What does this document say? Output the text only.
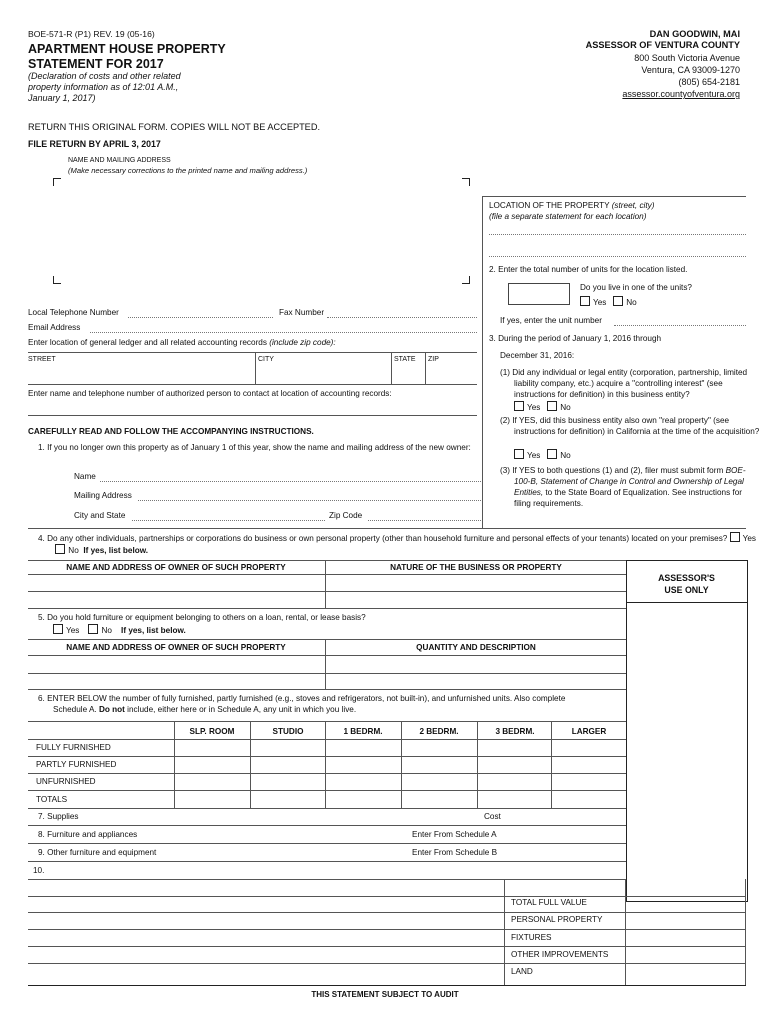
BOE-571-R (P1) REV. 19 (05-16)
APARTMENT HOUSE PROPERTY
STATEMENT FOR 2017
(Declaration of costs and other related
property information as of 12:01 A.M.,
January 1, 2017)
DAN GOODWIN, MAI
ASSESSOR OF VENTURA COUNTY
800 South Victoria Avenue
Ventura, CA 93009-1270
(805) 654-2181
assessor.countyofventura.org
RETURN THIS ORIGINAL FORM. COPIES WILL NOT BE ACCEPTED.
FILE RETURN BY APRIL 3, 2017
NAME AND MAILING ADDRESS
(Make necessary corrections to the printed name and mailing address.)
LOCATION OF THE PROPERTY (street, city)
(file a separate statement for each location)
2. Enter the total number of units for the location listed.
Do you live in one of the units?
Yes No
If yes, enter the unit number
3. During the period of January 1, 2016 through
December 31, 2016:
(1) Did any individual or legal entity (corporation, partnership, limited liability company, etc.) acquire a "controlling interest" (see instructions for definition) in this business entity?
Yes No
(2) If YES, did this business entity also own "real property" (see instructions for definition) in California at the time of the acquisition?
Yes No
(3) If YES to both questions (1) and (2), filer must submit form BOE-100-B, Statement of Change in Control and Ownership of Legal Entities, to the State Board of Equalization. See instructions for filing requirements.
Local Telephone Number	Fax Number
Email Address
Enter location of general ledger and all related accounting records (include zip code):
STREET	CITY	STATE ZIP
Enter name and telephone number of authorized person to contact at location of accounting records:
CAREFULLY READ AND FOLLOW THE ACCOMPANYING INSTRUCTIONS.
1. If you no longer own this property as of January 1 of this year, show the name and mailing address of the new owner:
Name
Mailing Address
City and State	Zip Code
4. Do any other individuals, partnerships or corporations do business or own personal property (other than household furniture and personal effects of your tenants) located on your premises? Yes  No If yes, list below.
NAME AND ADDRESS OF OWNER OF SUCH PROPERTY	NATURE OF THE BUSINESS OR PROPERTY
ASSESSOR'S
USE ONLY
5. Do you hold furniture or equipment belonging to others on a loan, rental, or lease basis?
Yes	No If yes, list below.
NAME AND ADDRESS OF OWNER OF SUCH PROPERTY	QUANTITY AND DESCRIPTION
6. ENTER BELOW the number of fully furnished, partly furnished (e.g., stoves and refrigerators, not built-in), and unfurnished units. Also complete
Schedule A. Do not include, either here or in Schedule A, any unit in which you live.
SLP. ROOM	STUDIO	1 BEDRM.	2 BEDRM.	3 BEDRM.	LARGER
FULLY FURNISHED
PARTLY FURNISHED
UNFURNISHED
TOTALS
7. Supplies	Cost
8. Furniture and appliances	Enter From Schedule A
9. Other furniture and equipment	Enter From Schedule B
10.
TOTAL FULL VALUE
PERSONAL PROPERTY
FIXTURES
OTHER IMPROVEMENTS
LAND
THIS STATEMENT SUBJECT TO AUDIT
